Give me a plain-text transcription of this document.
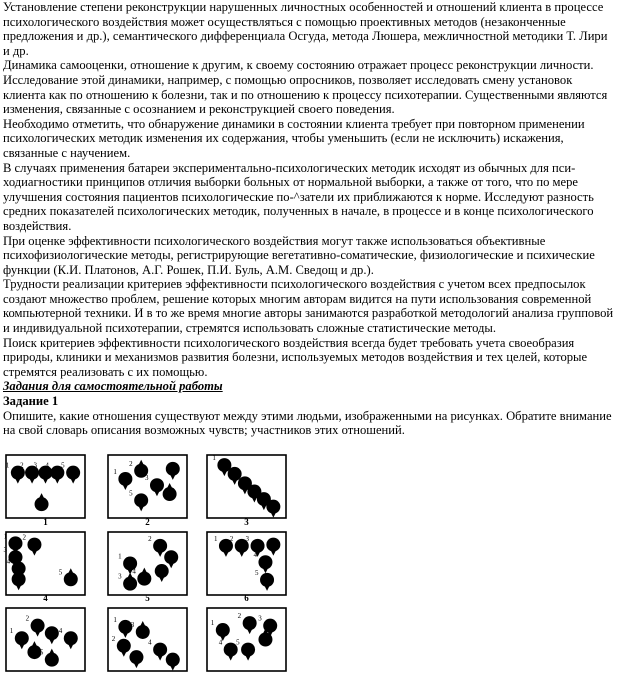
Установление степени реконструкции нарушенных личностных особенностей и отношений клиента в процессе психологического воздействия может осуществляться с помощью проективных методов (незаконченные предложения и др.), семантического дифференциала Осгуда, метода Люшера, межличностной методики Т. Лири и др.

Динамика самооценки, отношение к другим, к своему состоянию отражает процесс реконструкции личности. Исследование этой динамики, например, с помощью опросников, позволяет исследовать смену установок клиента как по отношению к болезни, так и по отношению к процессу психотерапии. Существенными являются изменения, связанные с осознанием и реконструкцией своего поведения.

Необходимо отметить, что обнаружение динамики в состоянии клиента требует при повторном применении психологических методик изменения их содержания, чтобы уменьшить (если не исключить) искажения, связанные с научением.

В случаях применения батареи экспериментально-психологических методик исходят из обычных для пси-ходиагностики принципов отличия выборки больных от нормальной выборки, а также от того, что по мере улучшения состояния пациентов психологические по-^затели их приближаются к норме. Исследуют разность средних показателей психологических методик, полученных в начале, в процессе и в конце психологического воздействия.

При оценке эффективности психологического воздействия могут также использоваться объективные психофизиологические методы, регистрирующие вегетативно-соматические, физиологические и психические функции (К.И. Платонов, А.Г. Рошек, П.И. Буль, А.М. Сведощ и др.).

Трудности реализации критериев эффективности психологического воздействия с учетом всех предпосылок создают множество проблем, решение которых многим авторам видится на пути использования современной компьютерной техники. И в то же время многие авторы занимаются разработкой методологий анализа групповой и индивидуальной психотерапии, стремятся использовать сложные статистические методы.

Поиск критериев эффективности психологического воздействия всегда будет требовать учета своеобразия природы, клиники и механизмов развития болезни, используемых методов воздействия и тех целей, которые стремятся реализовать с их помощью.

Задания для самостоятельной работы

Задание 1

Опишите, какие отношения существуют между этими людьми, изображенными на рисунках. Обратите внимание на свой словарь описания возможных чувств; участников этих отношений.

1 2 3 4 5
1
1
2
3
4
5
2
1
2
3
4
5
3
1 2
3
4
5
4
1
2
3
4
5
5
1 2 3
4
5
6
1
2
3
4
5
1
2
3
4
5
1
2 3
4 5
